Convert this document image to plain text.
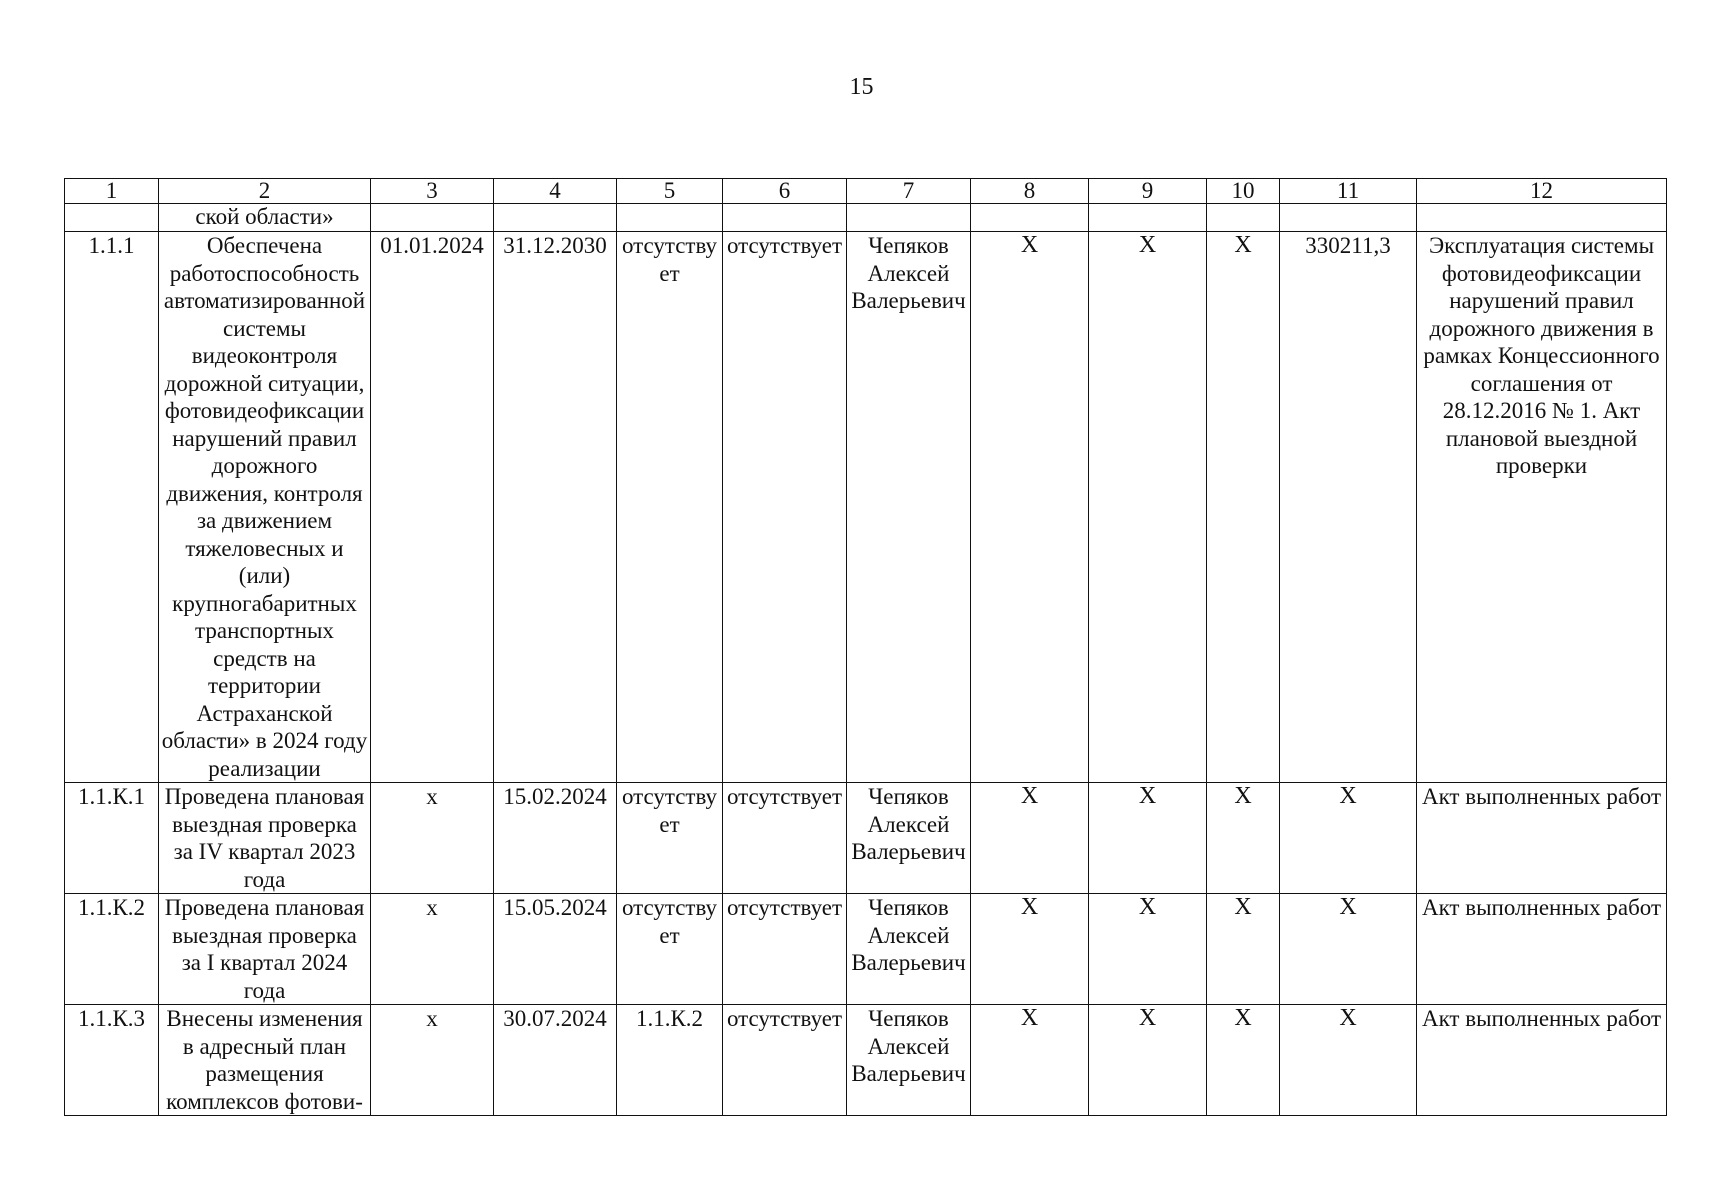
15
1	2	3	4	5	6	7	8	9	10	11	12
	ской области»										
1.1.1	Обеспечена работоспособность автоматизированной системы видеоконтроля дорожной ситуации, фотовидеофиксации нарушений правил дорожного движения, контроля за движением тяжеловесных и (или) крупногабаритных транспортных средств на территории Астраханской области» в 2024 году реализации	01.01.2024	31.12.2030	отсутствует	отсутствует	Чепяков Алексей Валерьевич	X	X	X	330211,3	Эксплуатация системы фотовидеофиксации нарушений правил дорожного движения в рамках Концессионного соглашения от 28.12.2016 № 1. Акт плановой выездной проверки
1.1.К.1	Проведена плановая выездная проверка за IV квартал 2023 года	х	15.02.2024	отсутствует	отсутствует	Чепяков Алексей Валерьевич	X	X	X	X	Акт выполненных работ
1.1.К.2	Проведена плановая выездная проверка за I квартал 2024 года	х	15.05.2024	отсутствует	отсутствует	Чепяков Алексей Валерьевич	X	X	X	X	Акт выполненных работ
1.1.К.3	Внесены изменения в адресный план размещения комплексов фотови-	х	30.07.2024	1.1.К.2	отсутствует	Чепяков Алексей Валерьевич	X	X	X	X	Акт выполненных работ
